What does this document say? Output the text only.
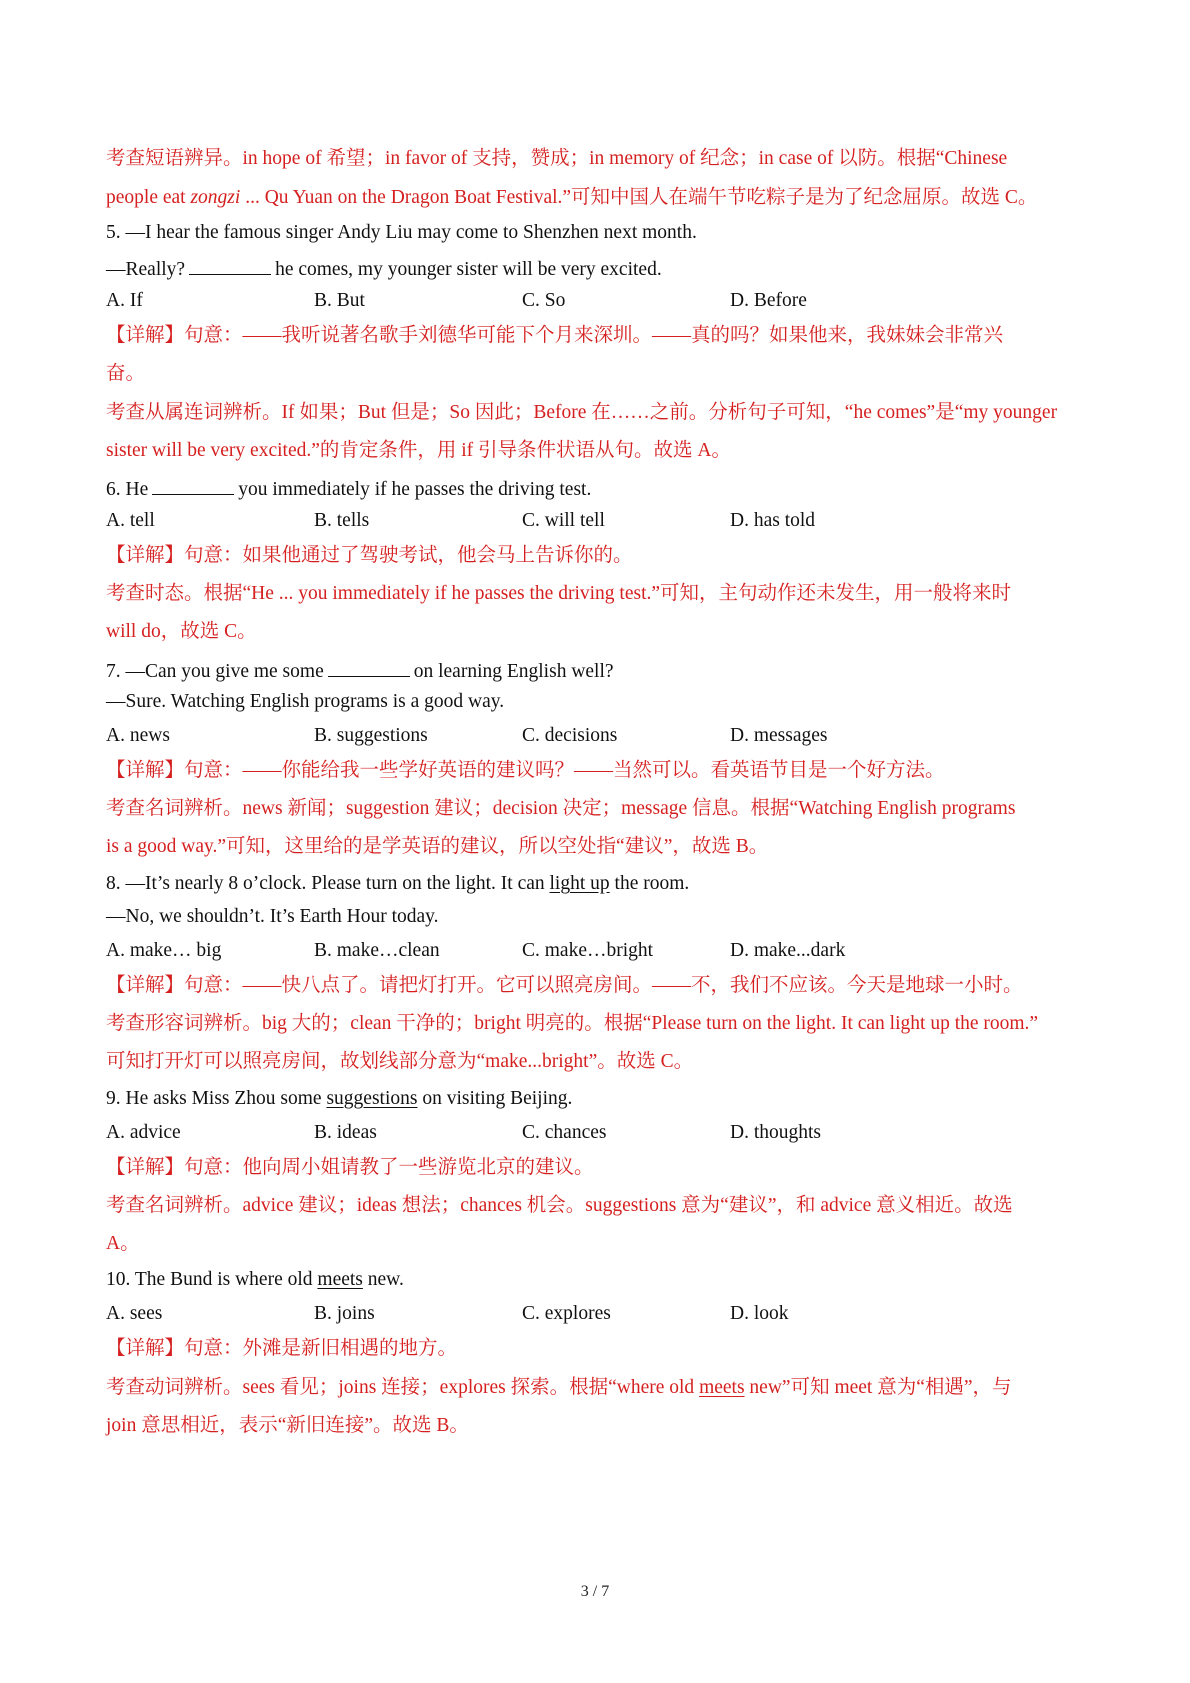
考查短语辨异。in hope of 希望；in favor of 支持，赞成；in memory of 纪念；in case of 以防。根据“Chinese
people eat zongzi ... Qu Yuan on the Dragon Boat Festival.”可知中国人在端午节吃粽子是为了纪念屈原。故选 C。
5. —I hear the famous singer Andy Liu may come to Shenzhen next month.
—Really?	he comes, my younger sister will be very excited.
A. If	B. But	C. So	D. Before
【详解】句意：——我听说著名歌手刘德华可能下个月来深圳。——真的吗？如果他来，我妹妹会非常兴
奋。
考查从属连词辨析。If 如果；But 但是；So 因此；Before 在……之前。分析句子可知，“he comes”是“my younger
sister will be very excited.”的肯定条件，用 if 引导条件状语从句。故选 A。
6. He	you immediately if he passes the driving test.
A. tell	B. tells	C. will tell	D. has told
【详解】句意：如果他通过了驾驶考试，他会马上告诉你的。
考查时态。根据“He ... you immediately if he passes the driving test.”可知，主句动作还未发生，用一般将来时
will do，故选 C。
7. —Can you give me some	on learning English well?
—Sure. Watching English programs is a good way.
A. news	B. suggestions	C. decisions	D. messages
【详解】句意：——你能给我一些学好英语的建议吗？——当然可以。看英语节目是一个好方法。
考查名词辨析。news 新闻；suggestion 建议；decision 决定；message 信息。根据“Watching English programs
is a good way.”可知，这里给的是学英语的建议，所以空处指“建议”，故选 B。
8. —It’s nearly 8 o’clock. Please turn on the light. It can light up the room.
—No, we shouldn’t. It’s Earth Hour today.
A. make… big	B. make…clean	C. make…bright	D. make...dark
【详解】句意：——快八点了。请把灯打开。它可以照亮房间。——不，我们不应该。今天是地球一小时。
考查形容词辨析。big 大的；clean 干净的；bright 明亮的。根据“Please turn on the light. It can light up the room.”
可知打开灯可以照亮房间，故划线部分意为“make...bright”。故选 C。
9. He asks Miss Zhou some suggestions on visiting Beijing.
A. advice	B. ideas	C. chances	D. thoughts
【详解】句意：他向周小姐请教了一些游览北京的建议。
考查名词辨析。advice 建议；ideas 想法；chances 机会。suggestions 意为“建议”，和 advice 意义相近。故选
A。
10. The Bund is where old meets new.
A. sees	B. joins	C. explores	D. look
【详解】句意：外滩是新旧相遇的地方。
考查动词辨析。sees 看见；joins 连接；explores 探索。根据“where old meets new”可知 meet 意为“相遇”，与
join 意思相近，表示“新旧连接”。故选 B。
3 / 7
